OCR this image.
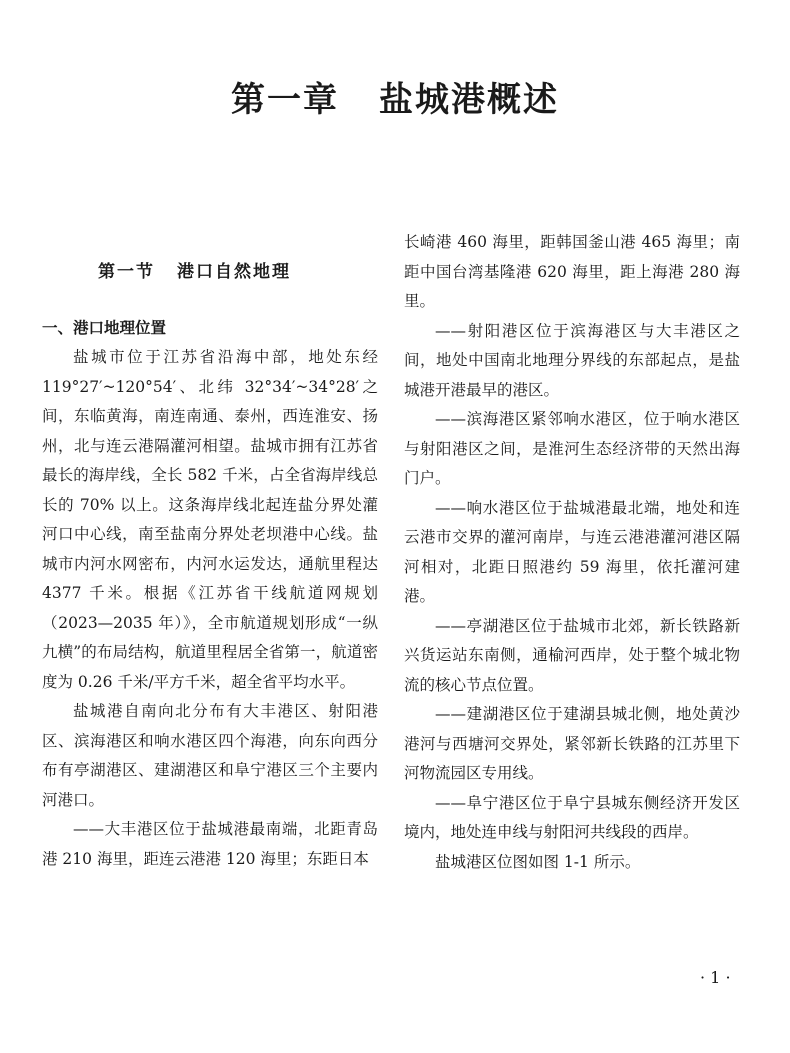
第一章 盐城港概述
第一节 港口自然地理
一、港口地理位置

盐城市位于江苏省沿海中部，地处东经 119°27′~120°54′、北纬 32°34′~34°28′之间，东临黄海，南连南通、泰州，西连淮安、扬州，北与连云港隔灌河相望。盐城市拥有江苏省最长的海岸线，全长 582 千米，占全省海岸线总长的 70% 以上。这条海岸线北起连盐分界处灌河口中心线，南至盐南分界处老坝港中心线。盐城市内河水网密布，内河水运发达，通航里程达 4377 千米。根据《江苏省干线航道网规划（2023—2035 年）》，全市航道规划形成“一纵九横”的布局结构，航道里程居全省第一，航道密度为 0.26 千米/平方千米，超全省平均水平。

盐城港自南向北分布有大丰港区、射阳港区、滨海港区和响水港区四个海港，向东向西分布有亭湖港区、建湖港区和阜宁港区三个主要内河港口。

——大丰港区位于盐城港最南端，北距青岛港 210 海里，距连云港港 120 海里；东距日本

长崎港 460 海里，距韩国釜山港 465 海里；南距中国台湾基隆港 620 海里，距上海港 280 海里。

——射阳港区位于滨海港区与大丰港区之间，地处中国南北地理分界线的东部起点，是盐城港开港最早的港区。

——滨海港区紧邻响水港区，位于响水港区与射阳港区之间，是淮河生态经济带的天然出海门户。

——响水港区位于盐城港最北端，地处和连云港市交界的灌河南岸，与连云港港灌河港区隔河相对，北距日照港约 59 海里，依托灌河建港。

——亭湖港区位于盐城市北郊，新长铁路新兴货运站东南侧，通榆河西岸，处于整个城北物流的核心节点位置。

——建湖港区位于建湖县城北侧，地处黄沙港河与西塘河交界处，紧邻新长铁路的江苏里下河物流园区专用线。

——阜宁港区位于阜宁县城东侧经济开发区境内，地处连申线与射阳河共线段的西岸。

盐城港区位图如图 1-1 所示。

· 1 ·
